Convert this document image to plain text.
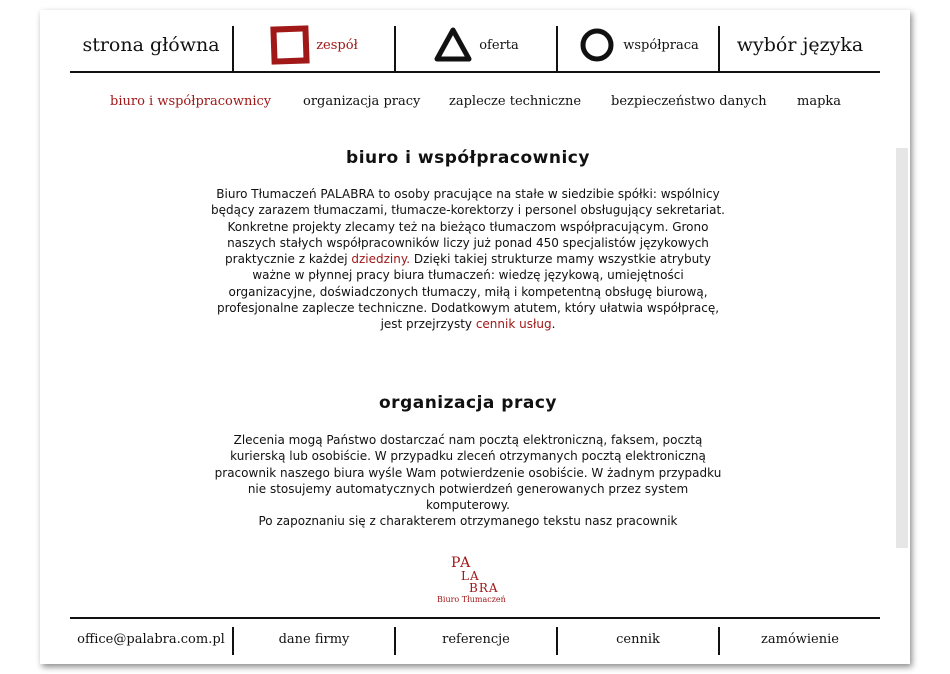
strona główna	zespół	oferta	współpraca wybór języka
biuro i współpracownicy organizacja pracy zaplecze techniczne bezpieczeństwo danych mapka
biuro i współpracownicy

Biuro Tłumaczeń PALABRA to osoby pracujące na stałe w siedzibie spółki: wspólnicy będący zarazem tłumaczami, tłumacze-korektorzy i personel obsługujący sekretariat. Konkretne projekty zlecamy też na bieżąco tłumaczom współpracującym. Grono naszych stałych współpracowników liczy już ponad 450 specjalistów językowych praktycznie z każdej dziedziny. Dzięki takiej strukturze mamy wszystkie atrybuty ważne w płynnej pracy biura tłumaczeń: wiedzę językową, umiejętności organizacyjne, doświadczonych tłumaczy, miłą i kompetentną obsługę biurową, profesjonalne zaplecze techniczne. Dodatkowym atutem, który ułatwia współpracę, jest przejrzysty cennik usług.

organizacja pracy

Zlecenia mogą Państwo dostarczać nam pocztą elektroniczną, faksem, pocztą kurierską lub osobiście. W przypadku zleceń otrzymanych pocztą elektroniczną pracownik naszego biura wyśle Wam potwierdzenie osobiście. W żadnym przypadku nie stosujemy automatycznych potwierdzeń generowanych przez system komputerowy.
Po zapoznaniu się z charakterem otrzymanego tekstu nasz pracownik

PA
LA
BRA
Biuro Tłumaczeń
office@palabra.com.pl	dane firmy	referencje	cennik	zamówienie
